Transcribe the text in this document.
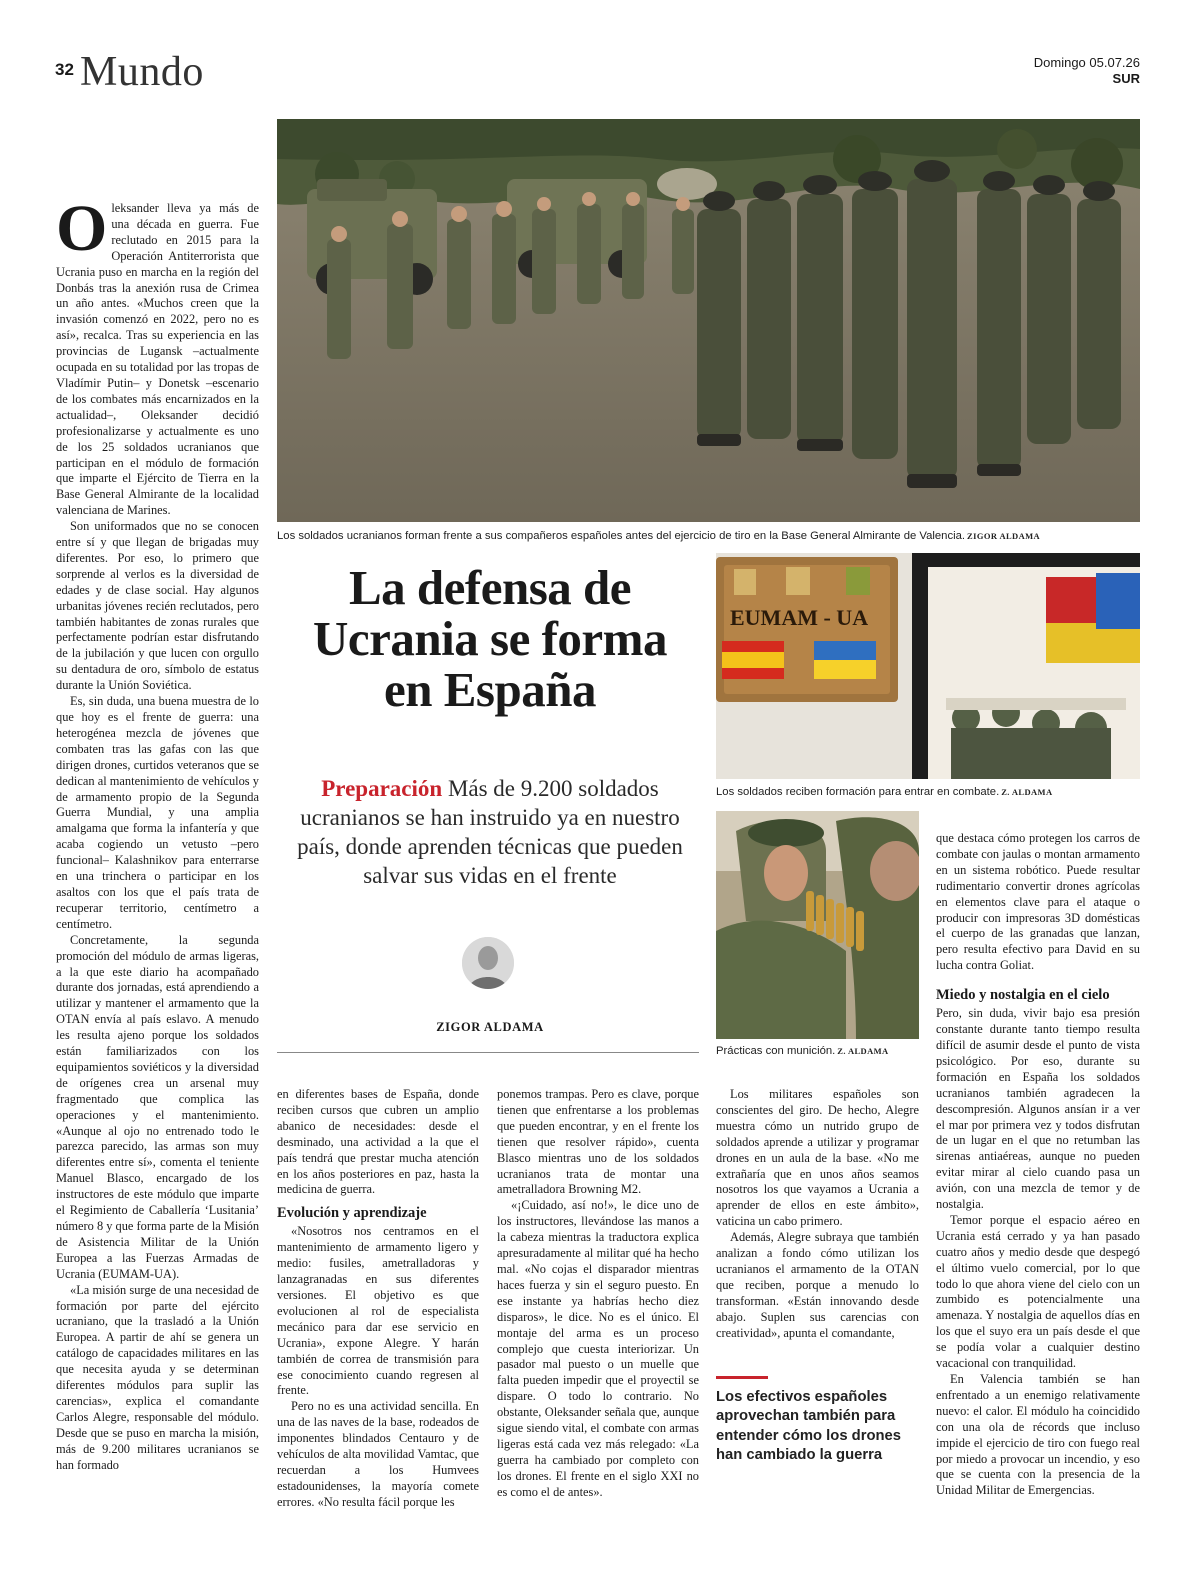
32 Mundo	Domingo 05.07.26
SUR
Los soldados ucranianos forman frente a sus compañeros españoles antes del ejercicio de tiro en la Base General Almirante de Valencia. ZIGOR ALDAMA
EUMAM - UA
Los soldados reciben formación para entrar en combate. Z. ALDAMA
Prácticas con munición. Z. ALDAMA
La defensa de Ucrania se forma en España
Preparación Más de 9.200 soldados ucranianos se han instruido ya en nuestro país, donde aprenden técnicas que pueden salvar sus vidas en el frente
ZIGOR ALDAMA

Oleksander lleva ya más de una década en guerra. Fue reclutado en 2015 para la Operación Antiterrorista que Ucrania puso en marcha en la región del Donbás tras la anexión rusa de Crimea un año antes. «Muchos creen que la invasión comenzó en 2022, pero no es así», recalca. Tras su experiencia en las provincias de Lugansk –actualmente ocupada en su totalidad por las tropas de Vladímir Putin– y Donetsk –escenario de los combates más encarnizados en la actualidad–, Oleksander decidió profesionalizarse y actualmente es uno de los 25 soldados ucranianos que participan en el módulo de formación que imparte el Ejército de Tierra en la Base General Almirante de la localidad valenciana de Marines.

Son uniformados que no se conocen entre sí y que llegan de brigadas muy diferentes. Por eso, lo primero que sorprende al verlos es la diversidad de edades y de clase social. Hay algunos urbanitas jóvenes recién reclutados, pero también habitantes de zonas rurales que perfectamente podrían estar disfrutando de la jubilación y que lucen con orgullo su dentadura de oro, símbolo de estatus durante la Unión Soviética.

Es, sin duda, una buena muestra de lo que hoy es el frente de guerra: una heterogénea mezcla de jóvenes que combaten tras las gafas con las que dirigen drones, curtidos veteranos que se dedican al mantenimiento de vehículos y de armamento propio de la Segunda Guerra Mundial, y una amplia amalgama que forma la infantería y que acaba cogiendo un vetusto –pero funcional– Kalashnikov para enterrarse en una trinchera o participar en los asaltos con los que el país trata de recuperar territorio, centímetro a centímetro.

Concretamente, la segunda promoción del módulo de armas ligeras, a la que este diario ha acompañado durante dos jornadas, está aprendiendo a utilizar y mantener el armamento que la OTAN envía al país eslavo. A menudo les resulta ajeno porque los soldados están familiarizados con los equipamientos soviéticos y la diversidad de orígenes crea un arsenal muy fragmentado que complica las operaciones y el mantenimiento. «Aunque al ojo no entrenado todo le parezca parecido, las armas son muy diferentes entre sí», comenta el teniente Manuel Blasco, encargado de los instructores de este módulo que imparte el Regimiento de Caballería ‘Lusitania’ número 8 y que forma parte de la Misión de Asistencia Militar de la Unión Europea a las Fuerzas Armadas de Ucrania (EUMAM-UA).

«La misión surge de una necesidad de formación por parte del ejército ucraniano, que la trasladó a la Unión Europea. A partir de ahí se genera un catálogo de capacidades militares en las que necesita ayuda y se determinan diferentes módulos para suplir las carencias», explica el comandante Carlos Alegre, responsable del módulo. Desde que se puso en marcha la misión, más de 9.200 militares ucranianos se han formado

en diferentes bases de España, donde reciben cursos que cubren un amplio abanico de necesidades: desde el desminado, una actividad a la que el país tendrá que prestar mucha atención en los años posteriores en paz, hasta la medicina de guerra.

Evolución y aprendizaje

«Nosotros nos centramos en el mantenimiento de armamento ligero y medio: fusiles, ametralladoras y lanzagranadas en sus diferentes versiones. El objetivo es que evolucionen al rol de especialista mecánico para dar ese servicio en Ucrania», expone Alegre. Y harán también de correa de transmisión para ese conocimiento cuando regresen al frente.

Pero no es una actividad sencilla. En una de las naves de la base, rodeados de imponentes blindados Centauro y de vehículos de alta movilidad Vamtac, que recuerdan a los Humvees estadounidenses, la mayoría comete errores. «No resulta fácil porque les

ponemos trampas. Pero es clave, porque tienen que enfrentarse a los problemas que pueden encontrar, y en el frente los tienen que resolver rápido», cuenta Blasco mientras uno de los soldados ucranianos trata de montar una ametralladora Browning M2.

«¡Cuidado, así no!», le dice uno de los instructores, llevándose las manos a la cabeza mientras la traductora explica apresuradamente al militar qué ha hecho mal. «No cojas el disparador mientras haces fuerza y sin el seguro puesto. En ese instante ya habrías hecho diez disparos», le dice. No es el único. El montaje del arma es un proceso complejo que cuesta interiorizar. Un pasador mal puesto o un muelle que falta pueden impedir que el proyectil se dispare. O todo lo contrario. No obstante, Oleksander señala que, aunque sigue siendo vital, el combate con armas ligeras está cada vez más relegado: «La guerra ha cambiado por completo con los drones. El frente en el siglo XXI no es como el de antes».

Los militares españoles son conscientes del giro. De hecho, Alegre muestra cómo un nutrido grupo de soldados aprende a utilizar y programar drones en un aula de la base. «No me extrañaría que en unos años seamos nosotros los que vayamos a Ucrania a aprender de ellos en este ámbito», vaticina un cabo primero.

Además, Alegre subraya que también analizan a fondo cómo utilizan los ucranianos el armamento de la OTAN que reciben, porque a menudo lo transforman. «Están innovando desde abajo. Suplen sus carencias con creatividad», apunta el comandante,

Los efectivos españoles aprovechan también para entender cómo los drones han cambiado la guerra

que destaca cómo protegen los carros de combate con jaulas o montan armamento en un sistema robótico. Puede resultar rudimentario convertir drones agrícolas en elementos clave para el ataque o producir con impresoras 3D domésticas el cuerpo de las granadas que lanzan, pero resulta efectivo para David en su lucha contra Goliat.

Miedo y nostalgia en el cielo

Pero, sin duda, vivir bajo esa presión constante durante tanto tiempo resulta difícil de asumir desde el punto de vista psicológico. Por eso, durante su formación en España los soldados ucranianos también agradecen la descompresión. Algunos ansían ir a ver el mar por primera vez y todos disfrutan de un lugar en el que no retumban las sirenas antiaéreas, aunque no pueden evitar mirar al cielo cuando pasa un avión, con una mezcla de temor y de nostalgia.

Temor porque el espacio aéreo en Ucrania está cerrado y ya han pasado cuatro años y medio desde que despegó el último vuelo comercial, por lo que todo lo que ahora viene del cielo con un zumbido es potencialmente una amenaza. Y nostalgia de aquellos días en los que el suyo era un país desde el que se podía volar a cualquier destino vacacional con tranquilidad.

En Valencia también se han enfrentado a un enemigo relativamente nuevo: el calor. El módulo ha coincidido con una ola de récords que incluso impide el ejercicio de tiro con fuego real por miedo a provocar un incendio, y eso que se cuenta con la presencia de la Unidad Militar de Emergencias.
